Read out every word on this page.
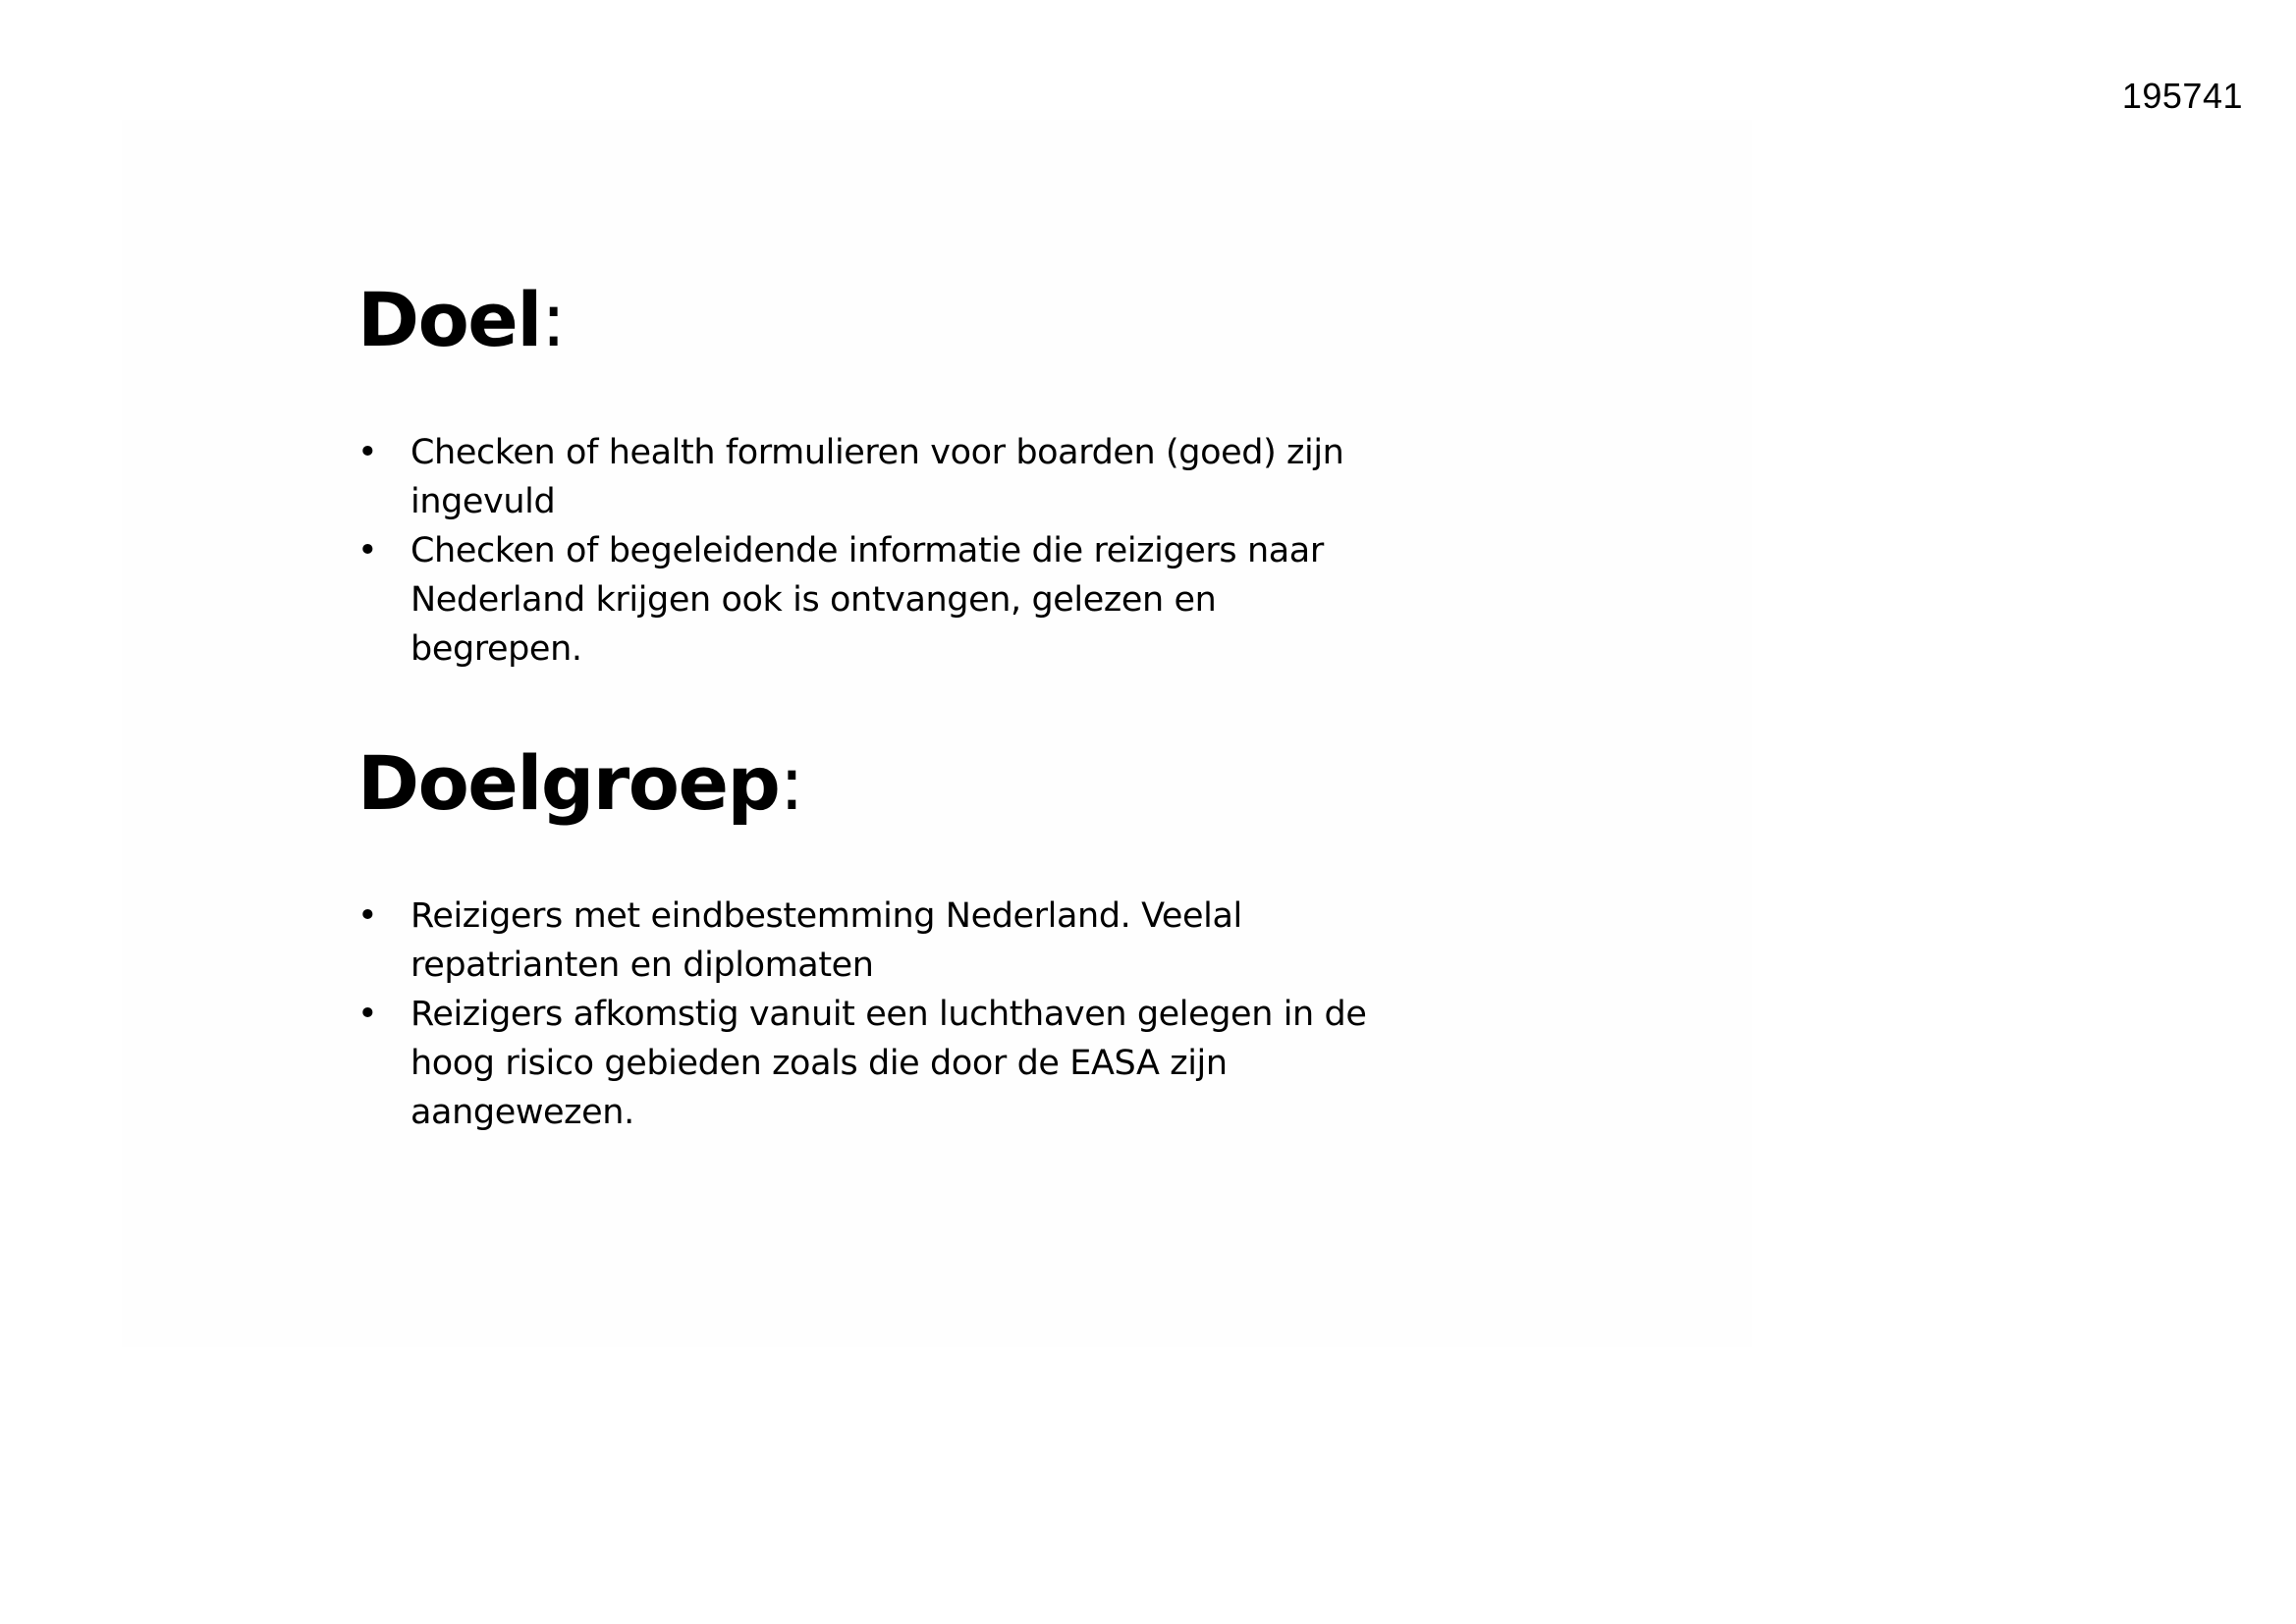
195741
Doel:
• Checken of health formulieren voor boarden (goed) zijn ingevuld
• Checken of begeleidende informatie die reizigers naar Nederland krijgen ook is ontvangen, gelezen en begrepen.
Doelgroep:
• Reizigers met eindbestemming Nederland. Veelal repatrianten en diplomaten
• Reizigers afkomstig vanuit een luchthaven gelegen in de hoog risico gebieden zoals die door de EASA zijn aangewezen.
